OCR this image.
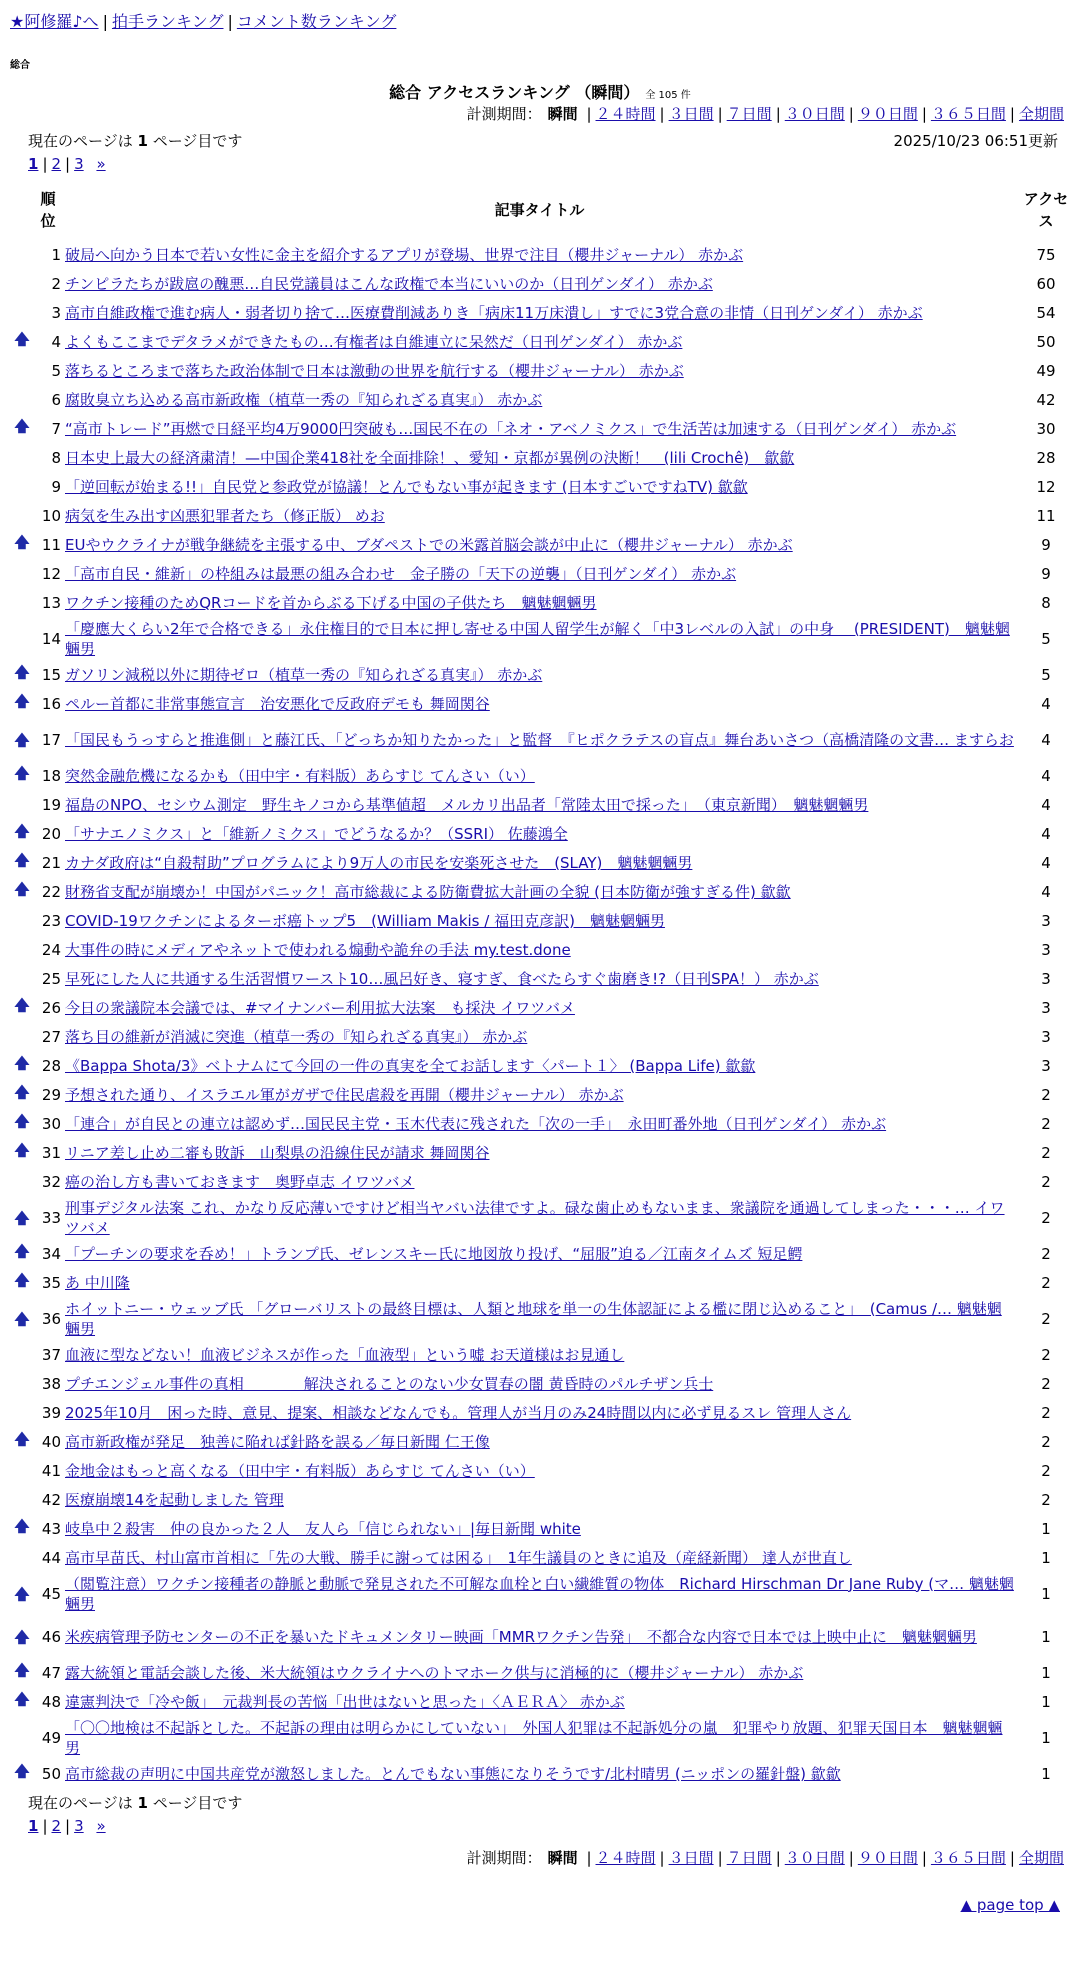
★阿修羅♪へ | 拍手ランキング | コメント数ランキング
総合
総合 アクセスランキング （瞬間） 全 105 件
計測期間： 瞬間 | ２４時間 | ３日間 | ７日間 | ３０日間 | ９０日間 | ３６５日間 | 全期間
現在のページは 1 ページ目です	2025/10/23 06:51更新
1 | 2 | 3 »
	順位	記事タイトル	アクセス
	1	破局へ向かう日本で若い女性に金主を紹介するアプリが登場、世界で注目（櫻井ジャーナル） 赤かぶ	75
	2	チンピラたちが跋扈の醜悪…自民党議員はこんな政権で本当にいいのか（日刊ゲンダイ） 赤かぶ	60
	3	高市自維政権で進む病人・弱者切り捨て…医療費削減ありき「病床11万床潰し」すでに3党合意の非情（日刊ゲンダイ） 赤かぶ	54
🡅	4	よくもここまでデタラメができたもの…有権者は自維連立に呆然だ（日刊ゲンダイ） 赤かぶ	50
	5	落ちるところまで落ちた政治体制で日本は激動の世界を航行する（櫻井ジャーナル） 赤かぶ	49
	6	腐敗臭立ち込める高市新政権（植草一秀の『知られざる真実』） 赤かぶ	42
🡅	7	“高市トレード”再燃で日経平均4万9000円突破も…国民不在の「ネオ・アベノミクス」で生活苦は加速する（日刊ゲンダイ） 赤かぶ	30
	8	日本史上最大の経済粛清！—中国企業418社を全面排除！、愛知・京都が異例の決断！　(lili Crochê)　歙歙	28
	9	「逆回転が始まる!!」自民党と参政党が協議！とんでもない事が起きます (日本すごいですねTV) 歙歙	12
	10	病気を生み出す凶悪犯罪者たち（修正版） めお	11
🡅	11	EUやウクライナが戦争継続を主張する中、ブダペストでの米露首脳会談が中止に（櫻井ジャーナル） 赤かぶ	9
	12	「高市自民・維新」の枠組みは最悪の組み合わせ　金子勝の「天下の逆襲」（日刊ゲンダイ） 赤かぶ	9
	13	ワクチン接種のためQRコードを首からぶる下げる中国の子供たち　魑魅魍魎男	8
	14	「慶應大くらい2年で合格できる」永住権目的で日本に押し寄せる中国人留学生が解く「中3レベルの入試」の中身　 (PRESIDENT)　魑魅魍魎男	5
🡅	15	ガソリン減税以外に期待ゼロ（植草一秀の『知られざる真実』） 赤かぶ	5
🡅	16	ペルー首都に非常事態宣言　治安悪化で反政府デモも 舞岡関谷	4
🡅	17	「国民もうっすらと推進側」と藤江氏、「どっちか知りたかった」と監督　『ヒポクラテスの盲点』舞台あいさつ（高橋清隆の文書… ますらお	4
🡅	18	突然金融危機になるかも（田中宇・有料版）あらすじ てんさい（い）	4
	19	福島のNPO、セシウム測定　野生キノコから基準値超　メルカリ出品者「常陸太田で採った」　（東京新聞）　魑魅魍魎男	4
🡅	20	「サナエノミクス」と「維新ノミクス」でどうなるか？（SSRI） 佐藤鴻全	4
🡅	21	カナダ政府は“自殺幇助”プログラムにより9万人の市民を安楽死させた　(SLAY)　魑魅魍魎男	4
🡅	22	財務省支配が崩壊か！中国がパニック！高市総裁による防衛費拡大計画の全貌 (日本防衛が強すぎる件) 歙歙	4
	23	COVID-19ワクチンによるターボ癌トップ5　(William Makis / 福田克彦訳)　魑魅魍魎男	3
	24	大事件の時にメディアやネットで使われる煽動や詭弁の手法 my.test.done	3
	25	早死にした人に共通する生活習慣ワースト10…風呂好き、寝すぎ、食べたらすぐ歯磨き!?（日刊SPA！） 赤かぶ	3
🡅	26	今日の衆議院本会議では、#マイナンバー利用拡大法案　も採決 イワツバメ	3
	27	落ち目の維新が消滅に突進（植草一秀の『知られざる真実』） 赤かぶ	3
🡅	28	《Bappa Shota/3》ベトナムにて今回の一件の真実を全てお話します〈パート１〉 (Bappa Life) 歙歙	3
🡅	29	予想された通り、イスラエル軍がガザで住民虐殺を再開（櫻井ジャーナル） 赤かぶ	2
🡅	30	「連合」が自民との連立は認めず…国民民主党・玉木代表に残された「次の一手」　永田町番外地（日刊ゲンダイ） 赤かぶ	2
🡅	31	リニア差し止め二審も敗訴　山梨県の沿線住民が請求 舞岡関谷	2
	32	癌の治し方も書いておきます　奥野卓志 イワツバメ	2
🡅	33	刑事デジタル法案 これ、かなり反応薄いですけど相当ヤバい法律ですよ。碌な歯止めもないまま、衆議院を通過してしまった・・・… イワツバメ	2
🡅	34	「プーチンの要求を呑め！」トランプ氏、ゼレンスキー氏に地図放り投げ、“屈服”迫る／江南タイムズ 短足鰐	2
🡅	35	あ 中川隆	2
🡅	36	ホイットニー・ウェッブ氏 「グローバリストの最終目標は、人類と地球を単一の生体認証による檻に閉じ込めること」　(Camus /… 魑魅魍魎男	2
	37	血液に型などない！血液ビジネスが作った「血液型」という嘘 お天道様はお見通し	2
	38	プチエンジェル事件の真相　　　　解決されることのない少女買春の闇 黄昏時のパルチザン兵士	2
	39	2025年10月　困った時、意見、提案、相談などなんでも。管理人が当月のみ24時間以内に必ず見るスレ 管理人さん	2
🡅	40	高市新政権が発足　独善に陥れば針路を誤る／毎日新聞 仁王像	2
	41	金地金はもっと高くなる（田中宇・有料版）あらすじ てんさい（い）	2
	42	医療崩壊14を起動しました 管理	2
🡅	43	岐阜中２殺害　仲の良かった２人　友人ら「信じられない」|毎日新聞 white	1
	44	高市早苗氏、村山富市首相に「先の大戦、勝手に謝っては困る」　1年生議員のときに追及（産経新聞） 達人が世直し	1
🡅	45	（閲覧注意）ワクチン接種者の静脈と動脈で発見された不可解な血栓と白い繊維質の物体　Richard Hirschman Dr Jane Ruby (マ… 魑魅魍魎男	1
🡅	46	米疾病管理予防センターの不正を暴いたドキュメンタリー映画「MMRワクチン告発」　不都合な内容で日本では上映中止に　魑魅魍魎男	1
🡅	47	露大統領と電話会談した後、米大統領はウクライナへのトマホーク供与に消極的に（櫻井ジャーナル） 赤かぶ	1
🡅	48	違憲判決で「冷や飯」　元裁判長の苦悩「出世はないと思った」〈ＡＥＲＡ〉 赤かぶ	1
	49	「〇〇地検は不起訴とした。不起訴の理由は明らかにしていない」　外国人犯罪は不起訴処分の嵐　犯罪やり放題、犯罪天国日本　魑魅魍魎男	1
🡅	50	高市総裁の声明に中国共産党が激怒しました。とんでもない事態になりそうです/北村晴男 (ニッポンの羅針盤) 歙歙	1
現在のページは 1 ページ目です
1 | 2 | 3 »
計測期間： 瞬間 | ２４時間 | ３日間 | ７日間 | ３０日間 | ９０日間 | ３６５日間 | 全期間
▲ page top ▲
